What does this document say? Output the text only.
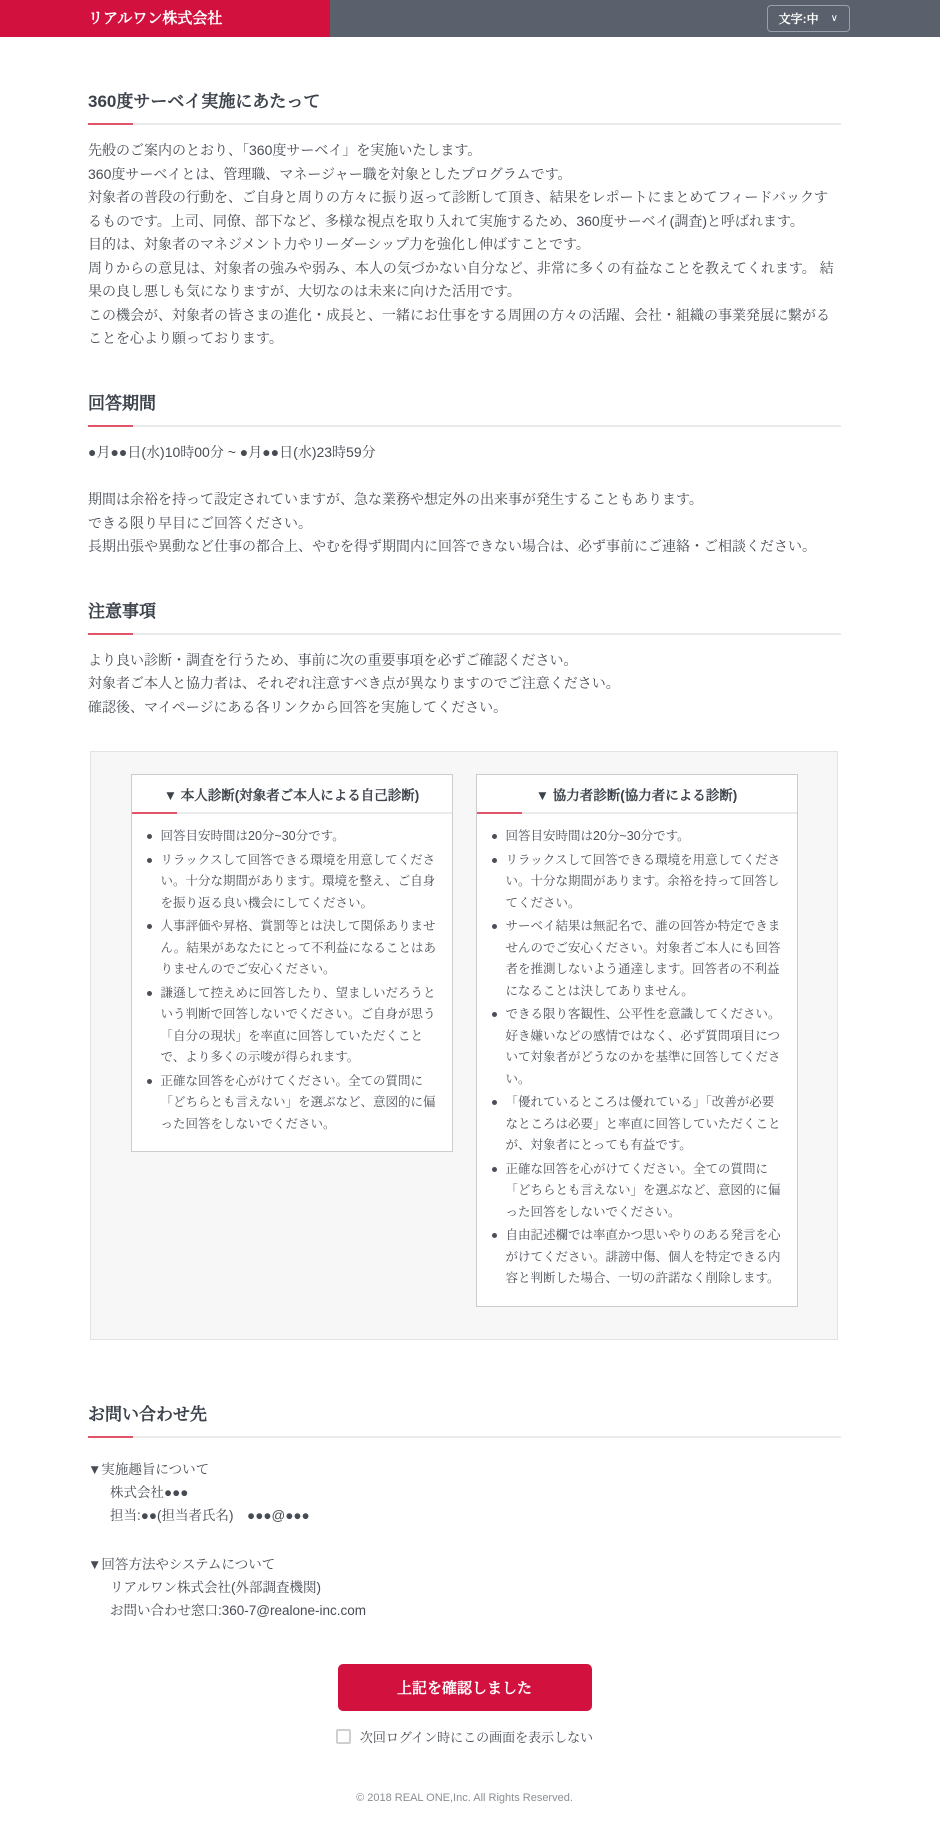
リアルワン株式会社	文字:中 ∨
360度サーベイ実施にあたって

先般のご案内のとおり、「360度サーベイ」を実施いたします。

360度サーベイとは、管理職、マネージャー職を対象としたプログラムです。

対象者の普段の行動を、ご自身と周りの方々に振り返って診断して頂き、結果をレポートにまとめてフィードバックするものです。上司、同僚、部下など、多様な視点を取り入れて実施するため、360度サーベイ(調査)と呼ばれます。

目的は、対象者のマネジメント力やリーダーシップ力を強化し伸ばすことです。

周りからの意見は、対象者の強みや弱み、本人の気づかない自分など、非常に多くの有益なことを教えてくれます。 結果の良し悪しも気になりますが、大切なのは未来に向けた活用です。

この機会が、対象者の皆さまの進化・成長と、一緒にお仕事をする周囲の方々の活躍、会社・組織の事業発展に繋がることを心より願っております。

回答期間

●月●●日(水)10時00分 ~ ●月●●日(水)23時59分

期間は余裕を持って設定されていますが、急な業務や想定外の出来事が発生することもあります。

できる限り早目にご回答ください。

長期出張や異動など仕事の都合上、やむを得ず期間内に回答できない場合は、必ず事前にご連絡・ご相談ください。

注意事項

より良い診断・調査を行うため、事前に次の重要事項を必ずご確認ください。

対象者ご本人と協力者は、それぞれ注意すべき点が異なりますのでご注意ください。

確認後、マイページにある各リンクから回答を実施してください。

▼ 本人診断(対象者ご本人による自己診断)
回答目安時間は20分~30分です。
リラックスして回答できる環境を用意してください。十分な期間があります。環境を整え、ご自身を振り返る良い機会にしてください。
人事評価や昇格、賞罰等とは決して関係ありません。結果があなたにとって不利益になることはありませんのでご安心ください。
謙遜して控えめに回答したり、望ましいだろうという判断で回答しないでください。ご自身が思う「自分の現状」を率直に回答していただくことで、より多くの示唆が得られます。
正確な回答を心がけてください。全ての質問に「どちらとも言えない」を選ぶなど、意図的に偏った回答をしないでください。
▼ 協力者診断(協力者による診断)
回答目安時間は20分~30分です。
リラックスして回答できる環境を用意してください。十分な期間があります。余裕を持って回答してください。
サーベイ結果は無記名で、誰の回答か特定できませんのでご安心ください。対象者ご本人にも回答者を推測しないよう通達します。回答者の不利益になることは決してありません。
できる限り客観性、公平性を意識してください。好き嫌いなどの感情ではなく、必ず質問項目について対象者がどうなのかを基準に回答してください。
「優れているところは優れている」「改善が必要なところは必要」と率直に回答していただくことが、対象者にとっても有益です。
正確な回答を心がけてください。全ての質問に「どちらとも言えない」を選ぶなど、意図的に偏った回答をしないでください。
自由記述欄では率直かつ思いやりのある発言を心がけてください。誹謗中傷、個人を特定できる内容と判断した場合、一切の許諾なく削除します。
お問い合わせ先

▼実施趣旨について

株式会社●●●

担当:●●(担当者氏名)　●●●@●●●

▼回答方法やシステムについて

リアルワン株式会社(外部調査機関)

お問い合わせ窓口:360-7@realone-inc.com

上記を確認しました
次回ログイン時にこの画面を表示しない
© 2018 REAL ONE,Inc. All Rights Reserved.
